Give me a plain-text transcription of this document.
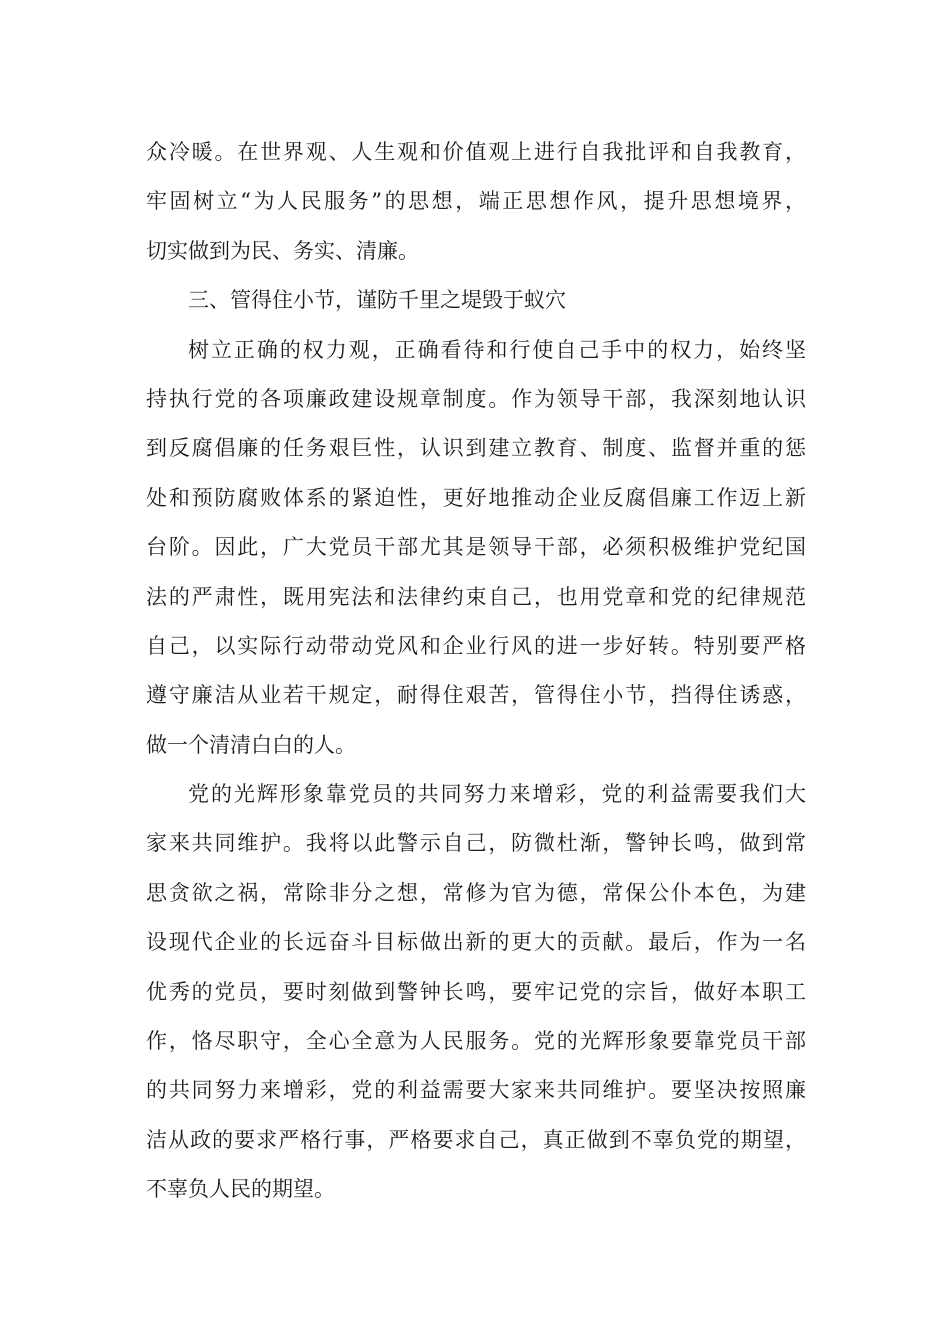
众冷暖。在世界观、人生观和价值观上进行自我批评和自我教育，
牢固树立“为人民服务”的思想，端正思想作风，提升思想境界，
切实做到为民、务实、清廉。
三、管得住小节，谨防千里之堤毁于蚁穴
树立正确的权力观，正确看待和行使自己手中的权力，始终坚
持执行党的各项廉政建设规章制度。作为领导干部，我深刻地认识
到反腐倡廉的任务艰巨性，认识到建立教育、制度、监督并重的惩
处和预防腐败体系的紧迫性，更好地推动企业反腐倡廉工作迈上新
台阶。因此，广大党员干部尤其是领导干部，必须积极维护党纪国
法的严肃性，既用宪法和法律约束自己，也用党章和党的纪律规范
自己，以实际行动带动党风和企业行风的进一步好转。特别要严格
遵守廉洁从业若干规定，耐得住艰苦，管得住小节，挡得住诱惑，
做一个清清白白的人。
党的光辉形象靠党员的共同努力来增彩，党的利益需要我们大
家来共同维护。我将以此警示自己，防微杜渐，警钟长鸣，做到常
思贪欲之祸，常除非分之想，常修为官为德，常保公仆本色，为建
设现代企业的长远奋斗目标做出新的更大的贡献。最后，作为一名
优秀的党员，要时刻做到警钟长鸣，要牢记党的宗旨，做好本职工
作，恪尽职守，全心全意为人民服务。党的光辉形象要靠党员干部
的共同努力来增彩，党的利益需要大家来共同维护。要坚决按照廉
洁从政的要求严格行事，严格要求自己，真正做到不辜负党的期望，
不辜负人民的期望。
